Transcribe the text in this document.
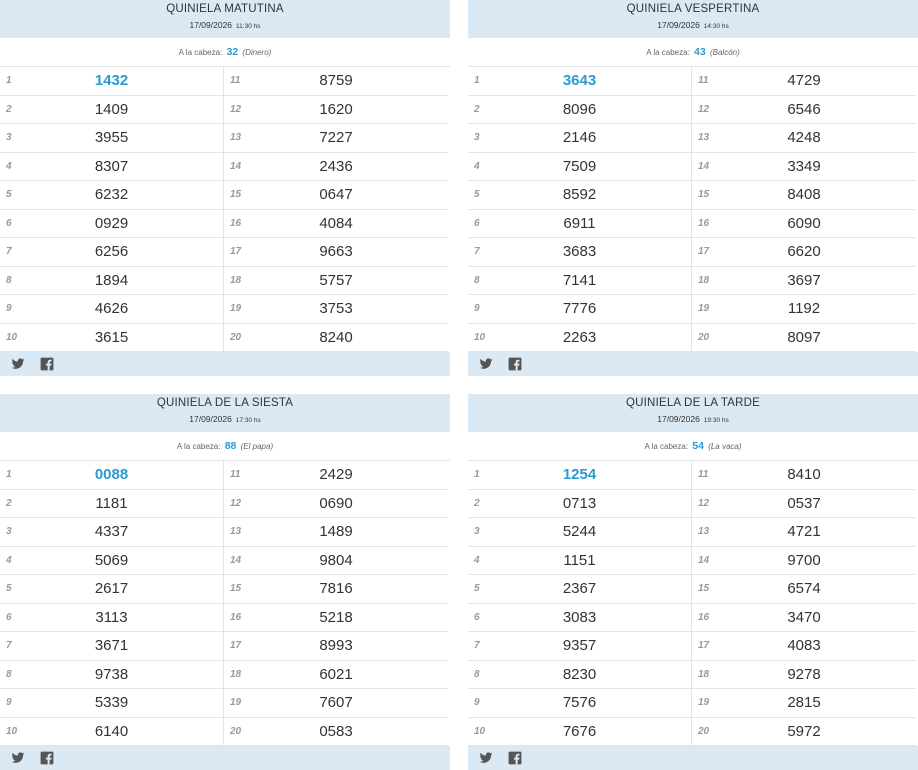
QUINIELA MATUTINA
17/09/2026 11:30 hs
A la cabeza: 32 (Dinero)
1	1432
2	1409
3	3955
4	8307
5	6232
6	0929
7	6256
8	1894
9	4626
10	3615
11	8759
12	1620
13	7227
14	2436
15	0647
16	4084
17	9663
18	5757
19	3753
20	8240
QUINIELA VESPERTINA
17/09/2026 14:30 hs
A la cabeza: 43 (Balcón)
1	3643
2	8096
3	2146
4	7509
5	8592
6	6911
7	3683
8	7141
9	7776
10	2263
11	4729
12	6546
13	4248
14	3349
15	8408
16	6090
17	6620
18	3697
19	1192
20	8097
QUINIELA DE LA SIESTA
17/09/2026 17:30 hs
A la cabeza: 88 (El papa)
1	0088
2	1181
3	4337
4	5069
5	2617
6	3113
7	3671
8	9738
9	5339
10	6140
11	2429
12	0690
13	1489
14	9804
15	7816
16	5218
17	8993
18	6021
19	7607
20	0583
QUINIELA DE LA TARDE
17/09/2026 19:30 hs
A la cabeza: 54 (La vaca)
1	1254
2	0713
3	5244
4	1151
5	2367
6	3083
7	9357
8	8230
9	7576
10	7676
11	8410
12	0537
13	4721
14	9700
15	6574
16	3470
17	4083
18	9278
19	2815
20	5972
